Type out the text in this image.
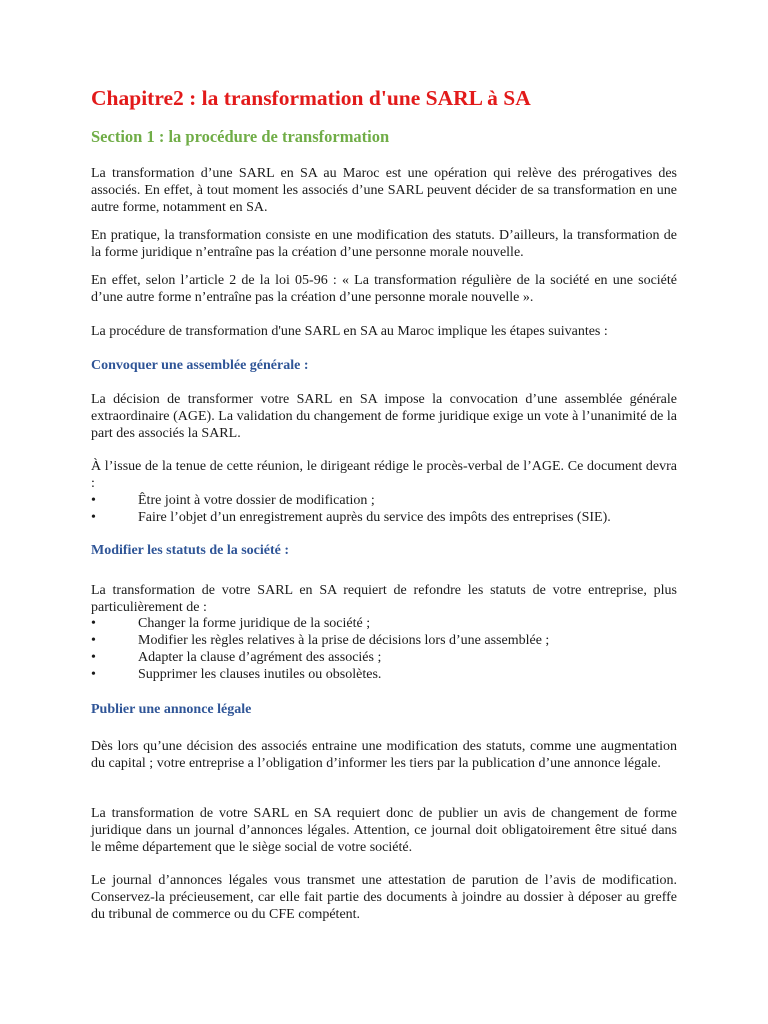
Chapitre2 : la transformation d'une SARL à SA
Section 1 : la procédure de transformation

La transformation d’une SARL en SA au Maroc est une opération qui relève des prérogatives des associés. En effet, à tout moment les associés d’une SARL peuvent décider de sa transformation en une autre forme, notamment en SA.

En pratique, la transformation consiste en une modification des statuts. D’ailleurs, la transformation de la forme juridique n’entraîne pas la création d’une personne morale nouvelle.

En effet, selon l’article 2 de la loi 05-96 : « La transformation régulière de la société en une société d’une autre forme n’entraîne pas la création d’une personne morale nouvelle ».

La procédure de transformation d'une SARL en SA au Maroc implique les étapes suivantes :

Convoquer une assemblée générale :

La décision de transformer votre SARL en SA impose la convocation d’une assemblée générale extraordinaire (AGE). La validation du changement de forme juridique exige un vote à l’unanimité de la part des associés la SARL.

À l’issue de la tenue de cette réunion, le dirigeant rédige le procès-verbal de l’AGE. Ce document devra :

•	Être joint à votre dossier de modification ;
•	Faire l’objet d’un enregistrement auprès du service des impôts des entreprises (SIE).
Modifier les statuts de la société :

La transformation de votre SARL en SA requiert de refondre les statuts de votre entreprise, plus particulièrement de :

•	Changer la forme juridique de la société ;
•	Modifier les règles relatives à la prise de décisions lors d’une assemblée ;
•	Adapter la clause d’agrément des associés ;
•	Supprimer les clauses inutiles ou obsolètes.
Publier une annonce légale

Dès lors qu’une décision des associés entraine une modification des statuts, comme une augmentation du capital ; votre entreprise a l’obligation d’informer les tiers par la publication d’une annonce légale.

La transformation de votre SARL en SA requiert donc de publier un avis de changement de forme juridique dans un journal d’annonces légales. Attention, ce journal doit obligatoirement être situé dans le même département que le siège social de votre société.

Le journal d’annonces légales vous transmet une attestation de parution de l’avis de modification. Conservez-la précieusement, car elle fait partie des documents à joindre au dossier à déposer au greffe du tribunal de commerce ou du CFE compétent.
